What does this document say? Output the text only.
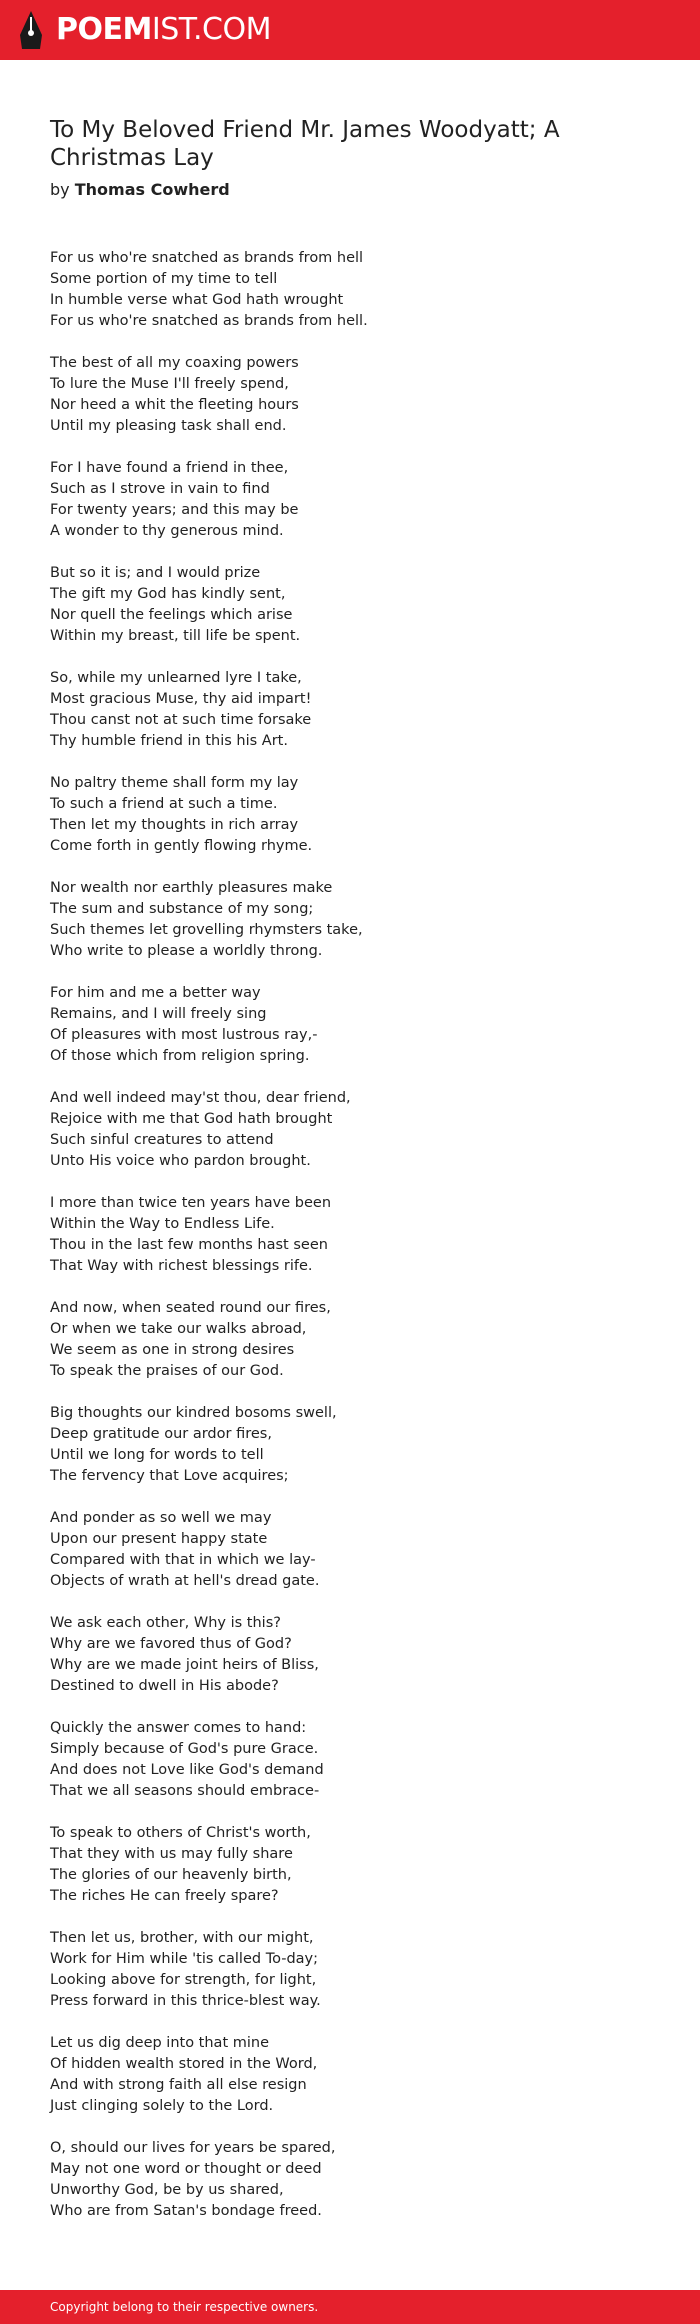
POEMIST.COM
To My Beloved Friend Mr. James Woodyatt; A Christmas Lay
by Thomas Cowherd
For us who're snatched as brands from hell
Some portion of my time to tell
In humble verse what God hath wrought
For us who're snatched as brands from hell.
The best of all my coaxing powers
To lure the Muse I'll freely spend,
Nor heed a whit the fleeting hours
Until my pleasing task shall end.
For I have found a friend in thee,
Such as I strove in vain to find
For twenty years; and this may be
A wonder to thy generous mind.
But so it is; and I would prize
The gift my God has kindly sent,
Nor quell the feelings which arise
Within my breast, till life be spent.
So, while my unlearned lyre I take,
Most gracious Muse, thy aid impart!
Thou canst not at such time forsake
Thy humble friend in this his Art.
No paltry theme shall form my lay
To such a friend at such a time.
Then let my thoughts in rich array
Come forth in gently flowing rhyme.
Nor wealth nor earthly pleasures make
The sum and substance of my song;
Such themes let grovelling rhymsters take,
Who write to please a worldly throng.
For him and me a better way
Remains, and I will freely sing
Of pleasures with most lustrous ray,-
Of those which from religion spring.
And well indeed may'st thou, dear friend,
Rejoice with me that God hath brought
Such sinful creatures to attend
Unto His voice who pardon brought.
I more than twice ten years have been
Within the Way to Endless Life.
Thou in the last few months hast seen
That Way with richest blessings rife.
And now, when seated round our fires,
Or when we take our walks abroad,
We seem as one in strong desires
To speak the praises of our God.
Big thoughts our kindred bosoms swell,
Deep gratitude our ardor fires,
Until we long for words to tell
The fervency that Love acquires;
And ponder as so well we may
Upon our present happy state
Compared with that in which we lay-
Objects of wrath at hell's dread gate.
We ask each other, Why is this?
Why are we favored thus of God?
Why are we made joint heirs of Bliss,
Destined to dwell in His abode?
Quickly the answer comes to hand:
Simply because of God's pure Grace.
And does not Love like God's demand
That we all seasons should embrace-
To speak to others of Christ's worth,
That they with us may fully share
The glories of our heavenly birth,
The riches He can freely spare?
Then let us, brother, with our might,
Work for Him while 'tis called To-day;
Looking above for strength, for light,
Press forward in this thrice-blest way.
Let us dig deep into that mine
Of hidden wealth stored in the Word,
And with strong faith all else resign
Just clinging solely to the Lord.
O, should our lives for years be spared,
May not one word or thought or deed
Unworthy God, be by us shared,
Who are from Satan's bondage freed.
Copyright belong to their respective owners.
